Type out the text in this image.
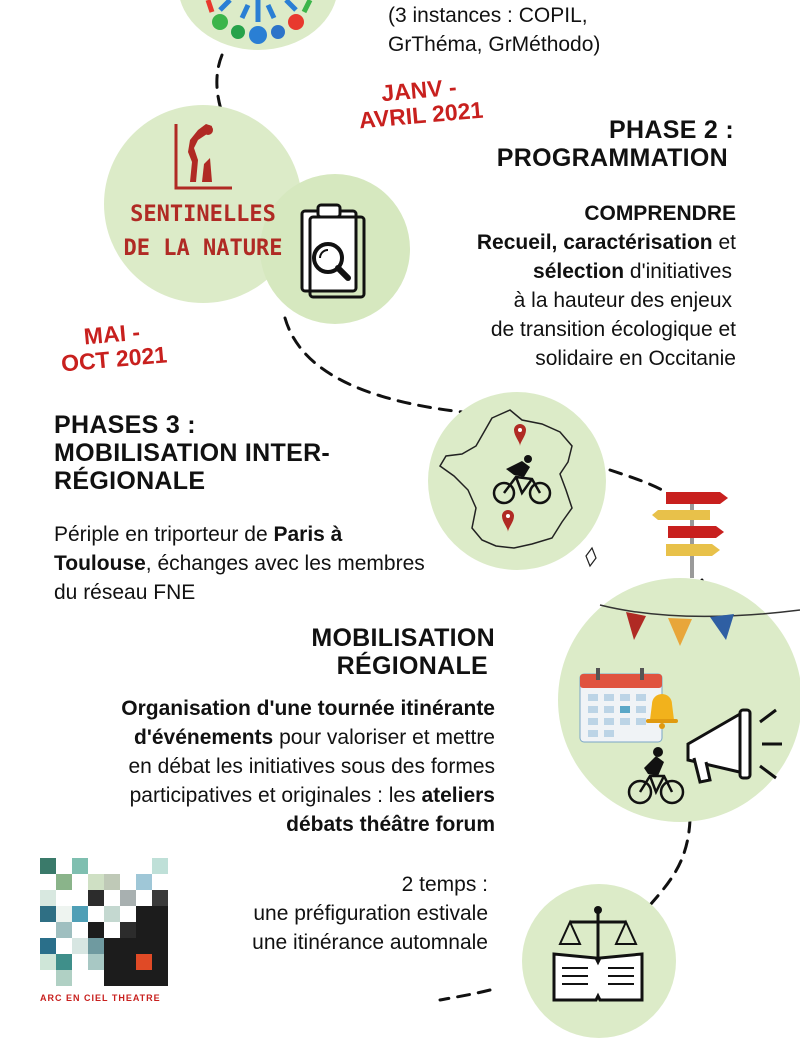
(3 instances : COPIL,
GrThéma, GrMéthodo)
JANV -
AVRIL 2021
SENTINELLES
DE LA NATURE
PHASE 2 :
PROGRAMMATION
COMPRENDRE
Recueil, caractérisation et
sélection d'initiatives
à la hauteur des enjeux
de transition écologique et
solidaire en Occitanie
MAI -
OCT 2021
PHASES 3 :
MOBILISATION INTER-
RÉGIONALE
Périple en triporteur de Paris à
Toulouse, échanges avec les membres
du réseau FNE
MOBILISATION
RÉGIONALE
Organisation d'une tournée itinérante
d'événements pour valoriser et mettre
en débat les initiatives sous des formes
participatives et originales : les ateliers
débats théâtre forum
2 temps :
une préfiguration estivale
une itinérance automnale
ARC EN CIEL THEATRE
